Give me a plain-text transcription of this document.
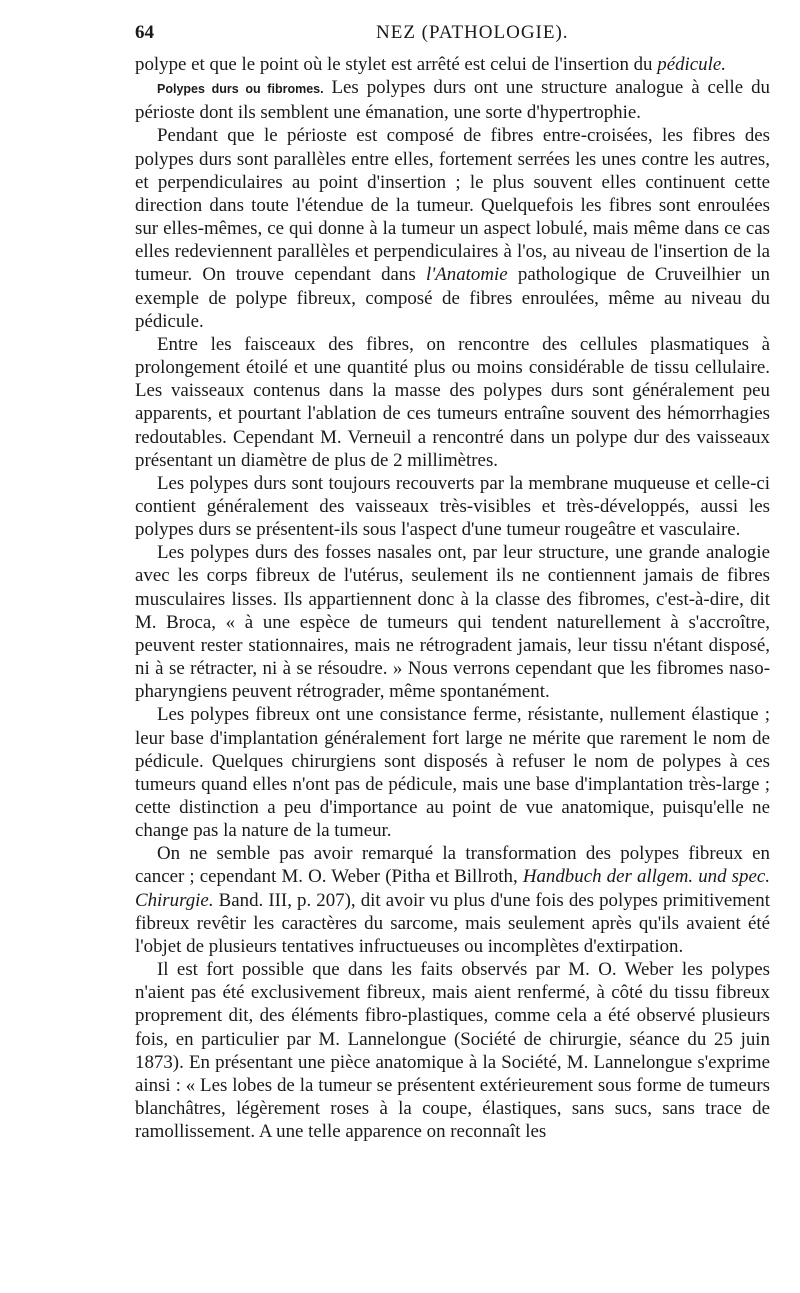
64	NEZ (PATHOLOGIE).

polype et que le point où le stylet est arrêté est celui de l'insertion du pédicule.

Polypes durs ou fibromes. Les polypes durs ont une structure analogue à celle du périoste dont ils semblent une émanation, une sorte d'hypertrophie.

Pendant que le périoste est composé de fibres entre-croisées, les fibres des polypes durs sont parallèles entre elles, fortement serrées les unes contre les autres, et perpendiculaires au point d'insertion ; le plus souvent elles continuent cette direction dans toute l'étendue de la tumeur. Quelquefois les fibres sont enroulées sur elles-mêmes, ce qui donne à la tumeur un aspect lobulé, mais même dans ce cas elles redeviennent parallèles et perpendiculaires à l'os, au niveau de l'insertion de la tumeur. On trouve cependant dans l'Anatomie pathologique de Cruveilhier un exemple de polype fibreux, composé de fibres enroulées, même au niveau du pédicule.

Entre les faisceaux des fibres, on rencontre des cellules plasmatiques à prolongement étoilé et une quantité plus ou moins considérable de tissu cellulaire. Les vaisseaux contenus dans la masse des polypes durs sont généralement peu apparents, et pourtant l'ablation de ces tumeurs entraîne souvent des hémorrhagies redoutables. Cependant M. Verneuil a rencontré dans un polype dur des vaisseaux présentant un diamètre de plus de 2 millimètres.

Les polypes durs sont toujours recouverts par la membrane muqueuse et celle-ci contient généralement des vaisseaux très-visibles et très-développés, aussi les polypes durs se présentent-ils sous l'aspect d'une tumeur rougeâtre et vasculaire.

Les polypes durs des fosses nasales ont, par leur structure, une grande analogie avec les corps fibreux de l'utérus, seulement ils ne contiennent jamais de fibres musculaires lisses. Ils appartiennent donc à la classe des fibromes, c'est-à-dire, dit M. Broca, « à une espèce de tumeurs qui tendent naturellement à s'accroître, peuvent rester stationnaires, mais ne rétrogradent jamais, leur tissu n'étant disposé, ni à se rétracter, ni à se résoudre. » Nous verrons cependant que les fibromes naso-pharyngiens peuvent rétrograder, même spontanément.

Les polypes fibreux ont une consistance ferme, résistante, nullement élastique ; leur base d'implantation généralement fort large ne mérite que rarement le nom de pédicule. Quelques chirurgiens sont disposés à refuser le nom de polypes à ces tumeurs quand elles n'ont pas de pédicule, mais une base d'implantation très-large ; cette distinction a peu d'importance au point de vue anatomique, puisqu'elle ne change pas la nature de la tumeur.

On ne semble pas avoir remarqué la transformation des polypes fibreux en cancer ; cependant M. O. Weber (Pitha et Billroth, Handbuch der allgem. und spec. Chirurgie. Band. III, p. 207), dit avoir vu plus d'une fois des polypes primitivement fibreux revêtir les caractères du sarcome, mais seulement après qu'ils avaient été l'objet de plusieurs tentatives infructueuses ou incomplètes d'extirpation.

Il est fort possible que dans les faits observés par M. O. Weber les polypes n'aient pas été exclusivement fibreux, mais aient renfermé, à côté du tissu fibreux proprement dit, des éléments fibro-plastiques, comme cela a été observé plusieurs fois, en particulier par M. Lannelongue (Société de chirurgie, séance du 25 juin 1873). En présentant une pièce anatomique à la Société, M. Lannelongue s'exprime ainsi : « Les lobes de la tumeur se présentent extérieurement sous forme de tumeurs blanchâtres, légèrement roses à la coupe, élastiques, sans sucs, sans trace de ramollissement. A une telle apparence on reconnaît les
